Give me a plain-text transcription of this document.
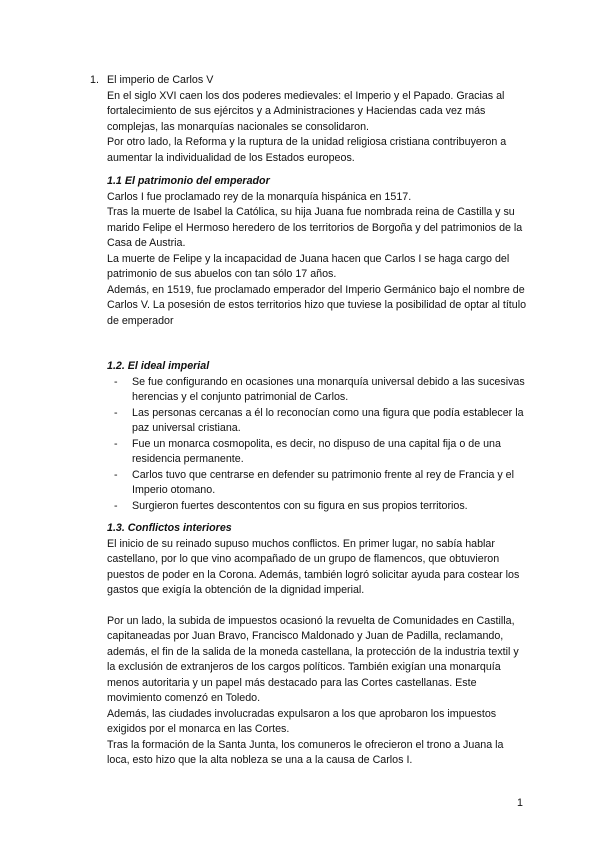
1. El imperio de Carlos V

En el siglo XVI caen los dos poderes medievales: el Imperio y el Papado. Gracias al fortalecimiento de sus ejércitos y a Administraciones y Haciendas cada vez más complejas, las monarquías nacionales se consolidaron.

Por otro lado, la Reforma y la ruptura de la unidad religiosa cristiana contribuyeron a aumentar la individualidad de los Estados europeos.

1.1 El patrimonio del emperador

Carlos I fue proclamado rey de la monarquía hispánica en 1517.

Tras la muerte de Isabel la Católica, su hija Juana fue nombrada reina de Castilla y su marido Felipe el Hermoso heredero de los territorios de Borgoña y del patrimonios de la Casa de Austria.

La muerte de Felipe y la incapacidad de Juana hacen que Carlos I se haga cargo del patrimonio de sus abuelos con tan sólo 17 años.

Además, en 1519, fue proclamado emperador del Imperio Germánico bajo el nombre de Carlos V. La posesión de estos territorios hizo que tuviese la posibilidad de optar al título de emperador

1.2. El ideal imperial
- Se fue configurando en ocasiones una monarquía universal debido a las sucesivas herencias y el conjunto patrimonial de Carlos.
- Las personas cercanas a él lo reconocían como una figura que podía establecer la paz universal cristiana.
- Fue un monarca cosmopolita, es decir, no dispuso de una capital fija o de una residencia permanente.
- Carlos tuvo que centrarse en defender su patrimonio frente al rey de Francia y el Imperio otomano.
- Surgieron fuertes descontentos con su figura en sus propios territorios.
1.3. Conflictos interiores

El inicio de su reinado supuso muchos conflictos. En primer lugar, no sabía hablar castellano, por lo que vino acompañado de un grupo de flamencos, que obtuvieron puestos de poder en la Corona. Además, también logró solicitar ayuda para costear los gastos que exigía la obtención de la dignidad imperial.

Por un lado, la subida de impuestos ocasionó la revuelta de Comunidades en Castilla, capitaneadas por Juan Bravo, Francisco Maldonado y Juan de Padilla, reclamando, además, el fin de la salida de la moneda castellana, la protección de la industria textil y la exclusión de extranjeros de los cargos políticos. También exigían una monarquía menos autoritaria y un papel más destacado para las Cortes castellanas. Este movimiento comenzó en Toledo.

Además, las ciudades involucradas expulsaron a los que aprobaron los impuestos exigidos por el monarca en las Cortes.

Tras la formación de la Santa Junta, los comuneros le ofrecieron el trono a Juana la loca, esto hizo que la alta nobleza se una a la causa de Carlos I.

1
